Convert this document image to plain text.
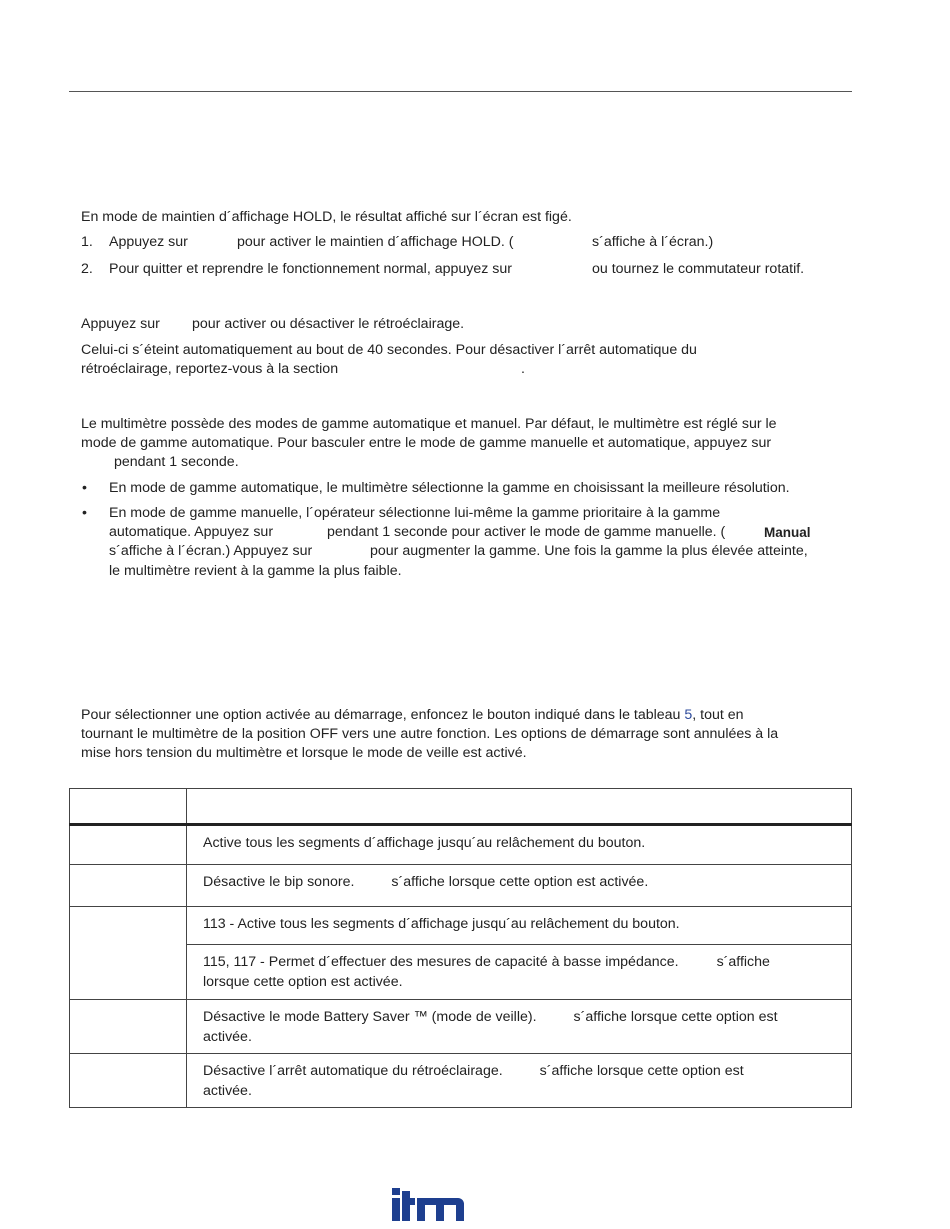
En mode de maintien d´affichage HOLD, le résultat affiché sur l´écran est figé.
1. Appuyez sur	pour activer le maintien d´affichage HOLD. (	s´affiche à l´écran.)
2. Pour quitter et reprendre le fonctionnement normal, appuyez sur	ou tournez le commutateur rotatif.
Appuyez sur pour activer ou désactiver le rétroéclairage.
Celui-ci s´éteint automatiquement au bout de 40 secondes. Pour désactiver l´arrêt automatique du
rétroéclairage, reportez-vous à la section	.
Le multimètre possède des modes de gamme automatique et manuel. Par défaut, le multimètre est réglé sur le
mode de gamme automatique. Pour basculer entre le mode de gamme manuelle et automatique, appuyez sur
pendant 1 seconde.
• En mode de gamme automatique, le multimètre sélectionne la gamme en choisissant la meilleure résolution.
• En mode de gamme manuelle, l´opérateur sélectionne lui-même la gamme prioritaire à la gamme
automatique. Appuyez sur	pendant 1 seconde pour activer le mode de gamme manuelle. (	Manual
s´affiche à l´écran.) Appuyez sur	pour augmenter la gamme. Une fois la gamme la plus élevée atteinte,
le multimètre revient à la gamme la plus faible.
Pour sélectionner une option activée au démarrage, enfoncez le bouton indiqué dans le tableau 5, tout en
tournant le multimètre de la position OFF vers une autre fonction. Les options de démarrage sont annulées à la
mise hors tension du multimètre et lorsque le mode de veille est activé.

	Active tous les segments d´affichage jusqu´au relâchement du bouton.
	Désactive le bip sonore. s´affiche lorsque cette option est activée.
	113 - Active tous les segments d´affichage jusqu´au relâchement du bouton.
	115, 117 - Permet d´effectuer des mesures de capacité à basse impédance. s´affiche
lorsque cette option est activée.
	Désactive le mode Battery Saver ™ (mode de veille). s´affiche lorsque cette option est
activée.
	Désactive l´arrêt automatique du rétroéclairage. s´affiche lorsque cette option est
activée.
